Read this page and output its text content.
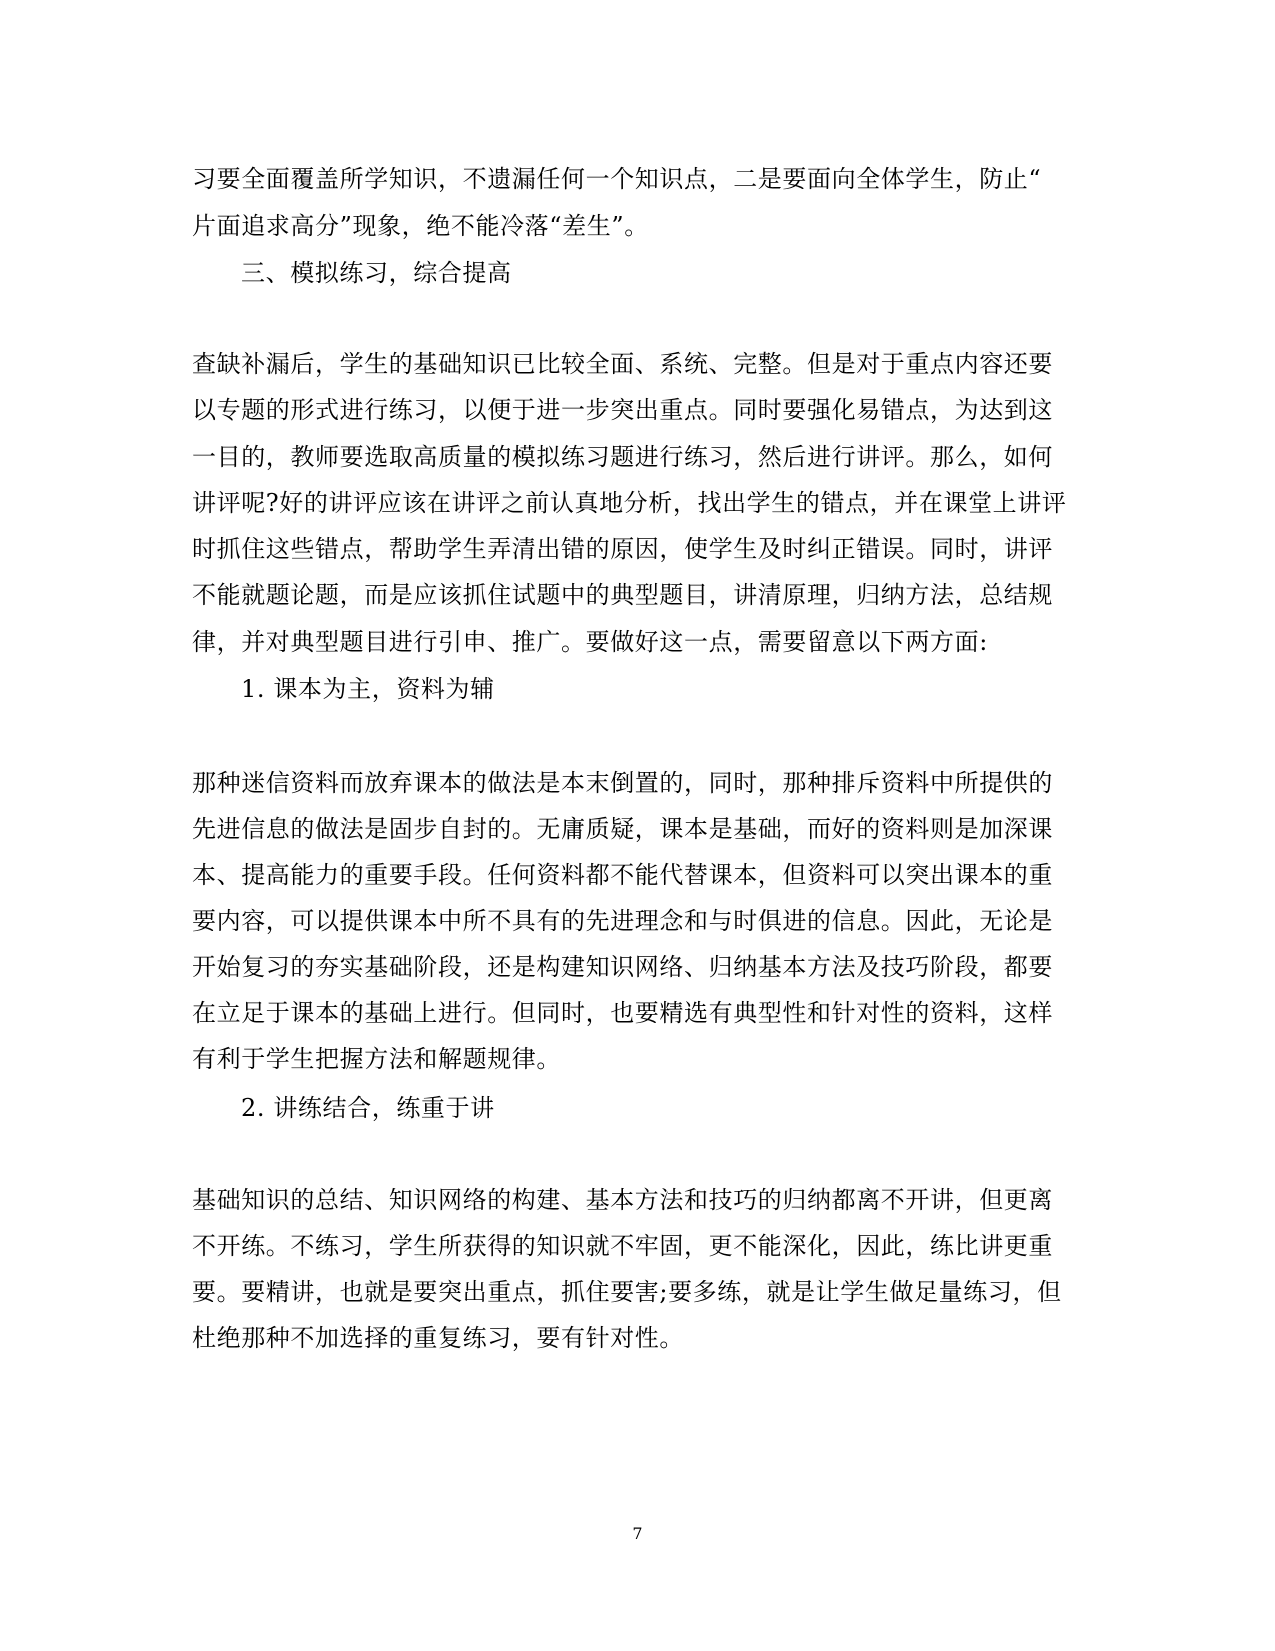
习要全面覆盖所学知识，不遗漏任何一个知识点，二是要面向全体学生，防止“
片面追求高分”现象，绝不能冷落“差生”。
三、模拟练习，综合提高
查缺补漏后，学生的基础知识已比较全面、系统、完整。但是对于重点内容还要
以专题的形式进行练习，以便于进一步突出重点。同时要强化易错点，为达到这
一目的，教师要选取高质量的模拟练习题进行练习，然后进行讲评。那么，如何
讲评呢?好的讲评应该在讲评之前认真地分析，找出学生的错点，并在课堂上讲评
时抓住这些错点，帮助学生弄清出错的原因，使学生及时纠正错误。同时，讲评
不能就题论题，而是应该抓住试题中的典型题目，讲清原理，归纳方法，总结规
律，并对典型题目进行引申、推广。要做好这一点，需要留意以下两方面:
1. 课本为主，资料为辅
那种迷信资料而放弃课本的做法是本末倒置的，同时，那种排斥资料中所提供的
先进信息的做法是固步自封的。无庸质疑，课本是基础，而好的资料则是加深课
本、提高能力的重要手段。任何资料都不能代替课本，但资料可以突出课本的重
要内容，可以提供课本中所不具有的先进理念和与时俱进的信息。因此，无论是
开始复习的夯实基础阶段，还是构建知识网络、归纳基本方法及技巧阶段，都要
在立足于课本的基础上进行。但同时，也要精选有典型性和针对性的资料，这样
有利于学生把握方法和解题规律。
2. 讲练结合，练重于讲
基础知识的总结、知识网络的构建、基本方法和技巧的归纳都离不开讲，但更离
不开练。不练习，学生所获得的知识就不牢固，更不能深化，因此，练比讲更重
要。要精讲，也就是要突出重点，抓住要害;要多练，就是让学生做足量练习，但
杜绝那种不加选择的重复练习，要有针对性。
7
